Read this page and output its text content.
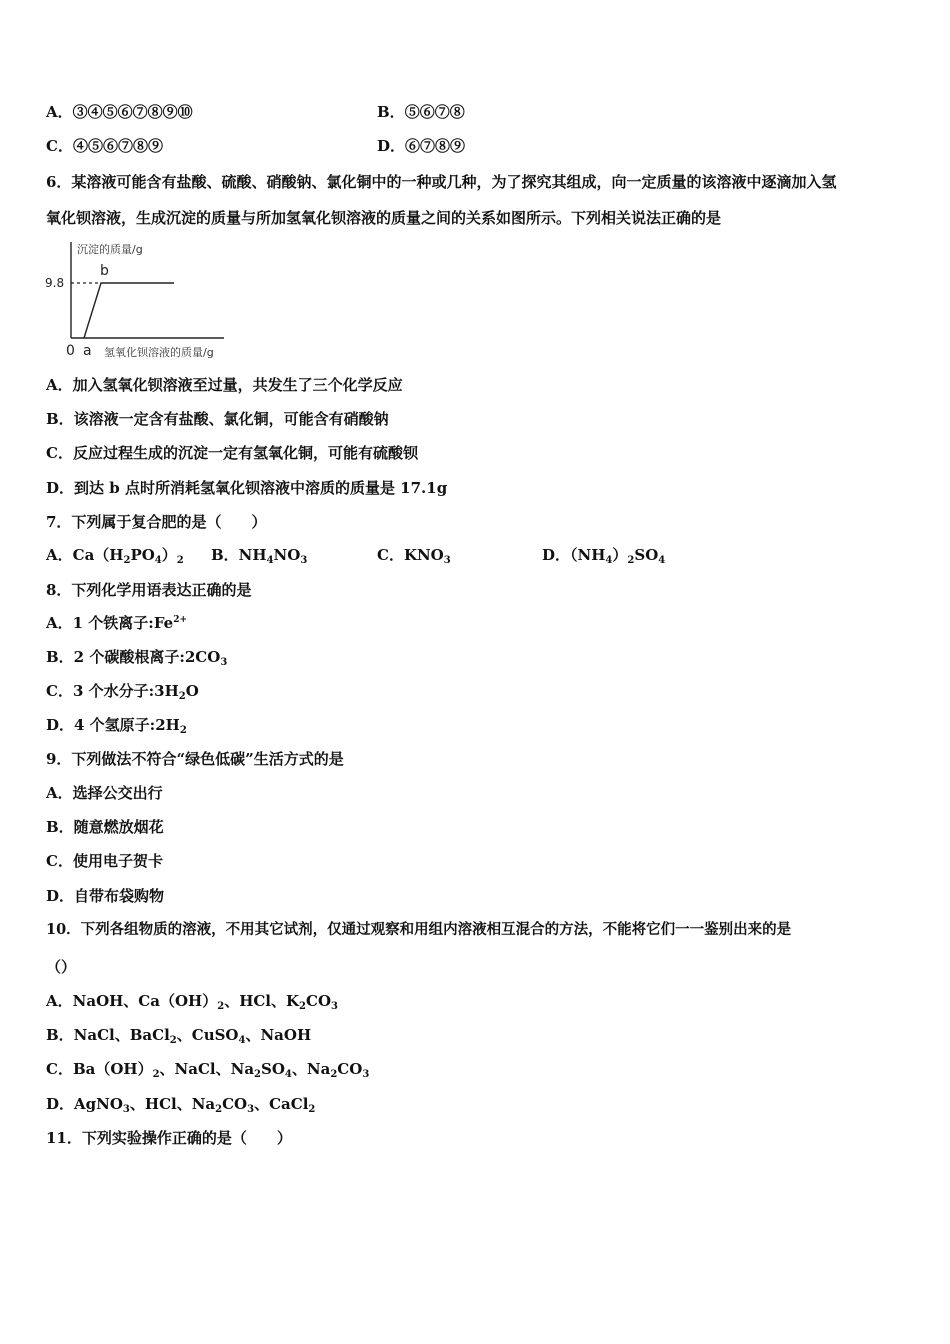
A．③④⑤⑥⑦⑧⑨⑩	B．⑤⑥⑦⑧
C．④⑤⑥⑦⑧⑨	D．⑥⑦⑧⑨
6．某溶液可能含有盐酸、硫酸、硝酸钠、氯化铜中的一种或几种，为了探究其组成，向一定质量的该溶液中逐滴加入氢
氧化钡溶液，生成沉淀的质量与所加氢氧化钡溶液的质量之间的关系如图所示。下列相关说法正确的是
沉淀的质量/g
9.8
b
0 a 氢氧化钡溶液的质量/g
A．加入氢氧化钡溶液至过量，共发生了三个化学反应
B．该溶液一定含有盐酸、氯化铜，可能含有硝酸钠
C．反应过程生成的沉淀一定有氢氧化铜，可能有硫酸钡
D．到达 b 点时所消耗氢氧化钡溶液中溶质的质量是 17.1g
7．下列属于复合肥的是（　　）
A．$Ca(H_2PO_4)_2$ B．$NH_4NO_3$	C．$KNO_3$	D．$(NH_4)_2SO_4$
8．下列化学用语表达正确的是
A．1 个铁离子$:Fe^{2+}$
B．2 个碳酸根离子$:2CO_3$
C．3 个水分子$:3H_2O$
D．4 个氢原子$:2H_2$
9．下列做法不符合“绿色低碳”生活方式的是
A．选择公交出行
B．随意燃放烟花
C．使用电子贺卡
D．自带布袋购物
10．下列各组物质的溶液，不用其它试剂，仅通过观察和用组内溶液相互混合的方法，不能将它们一一鉴别出来的是
（）
A．NaOH、$Ca(OH)_2$、HCl、$K_2CO_3$
B．NaCl、BaCl$_2$、CuSO$_4$、NaOH
C．$Ba(OH)_2$、NaCl、$Na_2SO_4$、$Na_2CO_3$
D．AgNO$_3$、HCl、$Na_2CO_3$、CaCl$_2$
11．下列实验操作正确的是（　　）
